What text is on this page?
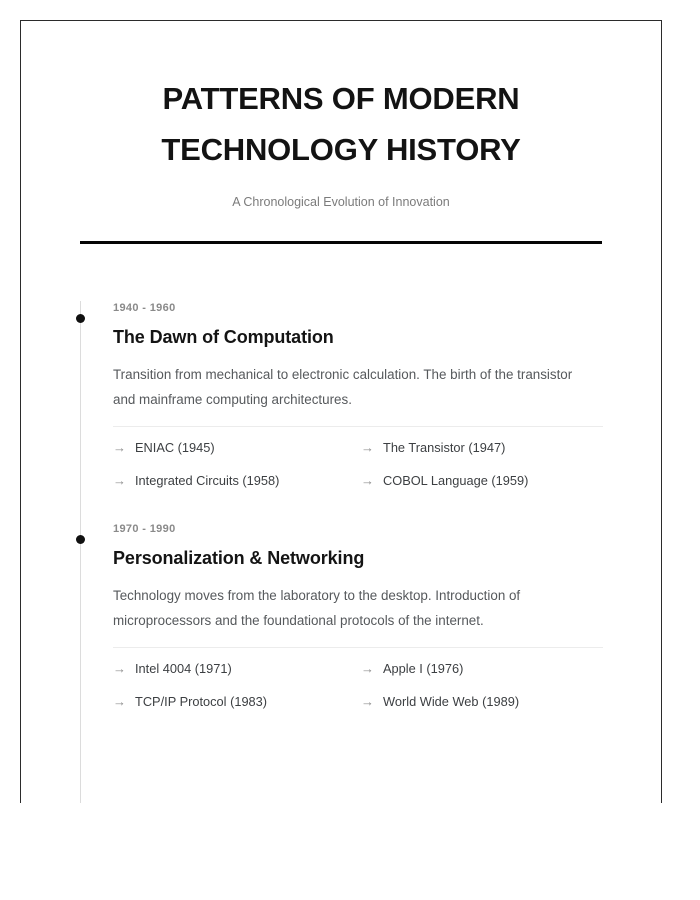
PATTERNS OF MODERN TECHNOLOGY HISTORY

A Chronological Evolution of Innovation

1940 - 1960

The Dawn of Computation

Transition from mechanical to electronic calculation. The birth of the transistor and mainframe computing architectures.

→ ENIAC (1945)	→ The Transistor (1947)
→ Integrated Circuits (1958)	→ COBOL Language (1959)

1970 - 1990

Personalization & Networking

Technology moves from the laboratory to the desktop. Introduction of microprocessors and the foundational protocols of the internet.

→ Intel 4004 (1971)	→ Apple I (1976)
→ TCP/IP Protocol (1983)	→ World Wide Web (1989)
